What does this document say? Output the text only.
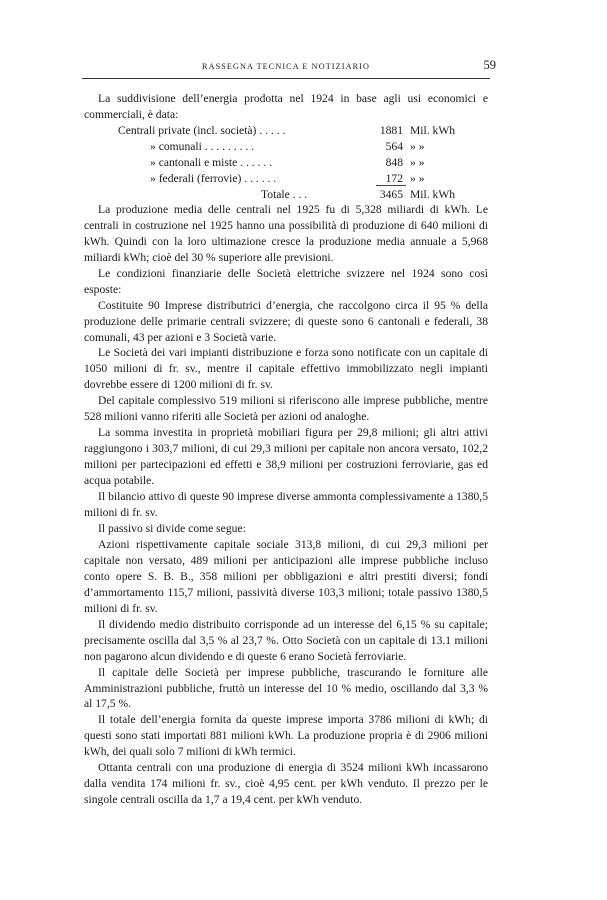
RASSEGNA TECNICA E NOTIZIARIO	59

La suddivisione dell’energia prodotta nel 1924 in base agli usi economici e commerciali, è data:

Centrali private (incl. società) . . . . .	1881 Mil. kWh
» comunali . . . . . . . . .	564 » »
» cantonali e miste . . . . . .	848 » »
» federali (ferrovie) . . . . . .	172 » »
Totale . . .	3465 Mil. kWh

La produzione media delle centrali nel 1925 fu di 5,328 miliardi di kWh. Le centrali in costruzione nel 1925 hanno una possibilità di produzione di 640 milioni di kWh. Quindi con la loro ultimazione cresce la produzione media annuale a 5,968 miliardi kWh; cioè del 30 % superiore alle previsioni.

Le condizioni finanziarie delle Società elettriche svizzere nel 1924 sono così esposte:

Costituite 90 Imprese distributrici d’energia, che raccolgono circa il 95 % della produzione delle primarie centrali svizzere; di queste sono 6 cantonali e federali, 38 comunali, 43 per azioni e 3 Società varie.

Le Società dei vari impianti distribuzione e forza sono notificate con un capitale di 1050 milioni di fr. sv., mentre il capitale effettivo immobilizzato negli impianti dovrebbe essere di 1200 milioni di fr. sv.

Del capitale complessivo 519 milioni si riferiscono alle imprese pubbliche, mentre 528 milioni vanno riferiti alle Società per azioni od analoghe.

La somma investita in proprietà mobiliari figura per 29,8 milioni; gli altri attivi raggiungono i 303,7 milioni, di cui 29,3 milioni per capitale non ancora versato, 102,2 milioni per partecipazioni ed effetti e 38,9 milioni per costruzioni ferroviarie, gas ed acqua potabile.

Il bilancio attivo di queste 90 imprese diverse ammonta complessivamente a 1380,5 milioni di fr. sv.

Il passivo si divide come segue:

Azioni rispettivamente capitale sociale 313,8 milioni, di cui 29,3 milioni per capitale non versato, 489 milioni per anticipazioni alle imprese pubbliche incluso conto opere S. B. B., 358 milioni per obbligazioni e altri prestiti diversi; fondi d’ammortamento 115,7 milioni, passività diverse 103,3 milioni; totale passivo 1380,5 milioni di fr. sv.

Il dividendo medio distribuito corrisponde ad un interesse del 6,15 % su capitale; precisamente oscilla dal 3,5 % al 23,7 %. Otto Società con un capitale di 13.1 milioni non pagarono alcun dividendo e di queste 6 erano Società ferroviarie.

Il capitale delle Società per imprese pubbliche, trascurando le forniture alle Amministrazioni pubbliche, fruttò un interesse del 10 % medio, oscillando dal 3,3 % al 17,5 %.

Il totale dell’energia fornita da queste imprese importa 3786 milioni di kWh; di questi sono stati importati 881 milioni kWh. La produzione propria è di 2906 milioni kWh, dei quali solo 7 milioni di kWh termici.

Ottanta centrali con una produzione di energia di 3524 milioni kWh incassarono dalla vendita 174 milioni fr. sv., cioè 4,95 cent. per kWh venduto. Il prezzo per le singole centrali oscilla da 1,7 a 19,4 cent. per kWh venduto.
